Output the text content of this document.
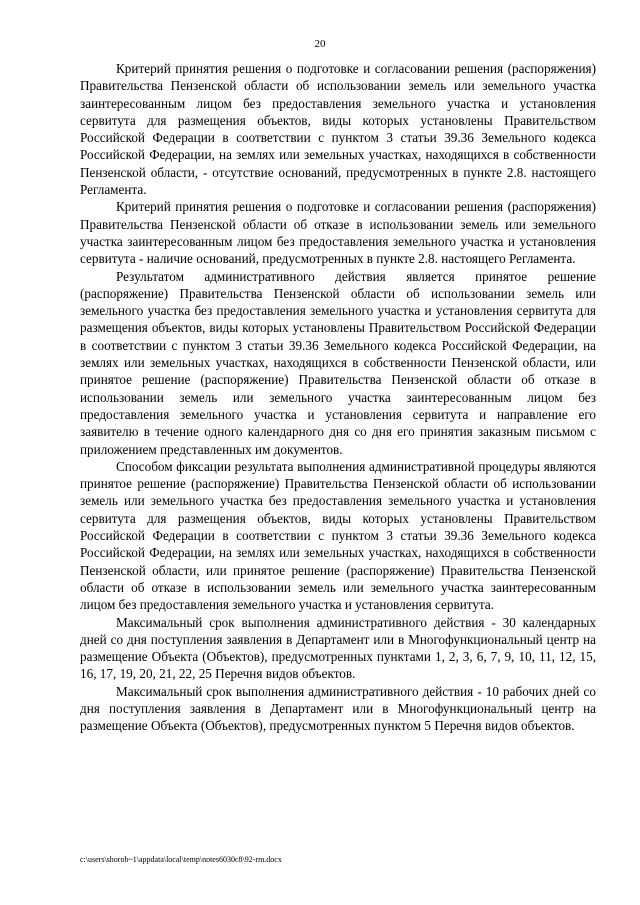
20

Критерий принятия решения о подготовке и согласовании решения (распоряжения) Правительства Пензенской области об использовании земель или земельного участка заинтересованным лицом без предоставления земельного участка и установления сервитута для размещения объектов, виды которых установлены Правительством Российской Федерации в соответствии с пунктом 3 статьи 39.36 Земельного кодекса Российской Федерации, на землях или земельных участках, находящихся в собственности Пензенской области, - отсутствие оснований, предусмотренных в пункте 2.8. настоящего Регламента.

Критерий принятия решения о подготовке и согласовании решения (распоряжения) Правительства Пензенской области об отказе в использовании земель или земельного участка заинтересованным лицом без предоставления земельного участка и установления сервитута - наличие оснований, предусмотренных в пункте 2.8. настоящего Регламента.

Результатом административного действия является принятое решение (распоряжение) Правительства Пензенской области об использовании земель или земельного участка без предоставления земельного участка и установления сервитута для размещения объектов, виды которых установлены Правительством Российской Федерации в соответствии с пунктом 3 статьи 39.36 Земельного кодекса Российской Федерации, на землях или земельных участках, находящихся в собственности Пензенской области, или принятое решение (распоряжение) Правительства Пензенской области об отказе в использовании земель или земельного участка заинтересованным лицом без предоставления земельного участка и установления сервитута и направление его заявителю в течение одного календарного дня со дня его принятия заказным письмом с приложением представленных им документов.

Способом фиксации результата выполнения административной процедуры являются принятое решение (распоряжение) Правительства Пензенской области об использовании земель или земельного участка без предоставления земельного участка и установления сервитута для размещения объектов, виды которых установлены Правительством Российской Федерации в соответствии с пунктом 3 статьи 39.36 Земельного кодекса Российской Федерации, на землях или земельных участках, находящихся в собственности Пензенской области, или принятое решение (распоряжение) Правительства Пензенской области об отказе в использовании земель или земельного участка заинтересованным лицом без предоставления земельного участка и установления сервитута.

Максимальный срок выполнения административного действия - 30 календарных дней со дня поступления заявления в Департамент или в Многофункциональный центр на размещение Объекта (Объектов), предусмотренных пунктами 1, 2, 3, 6, 7, 9, 10, 11, 12, 15, 16, 17, 19, 20, 21, 22, 25 Перечня видов объектов.

Максимальный срок выполнения административного действия - 10 рабочих дней со дня поступления заявления в Департамент или в Многофункциональный центр на размещение Объекта (Объектов), предусмотренных пунктом 5 Перечня видов объектов.

c:\users\shorob~1\appdata\local\temp\notes6030c8\92-rm.docx
